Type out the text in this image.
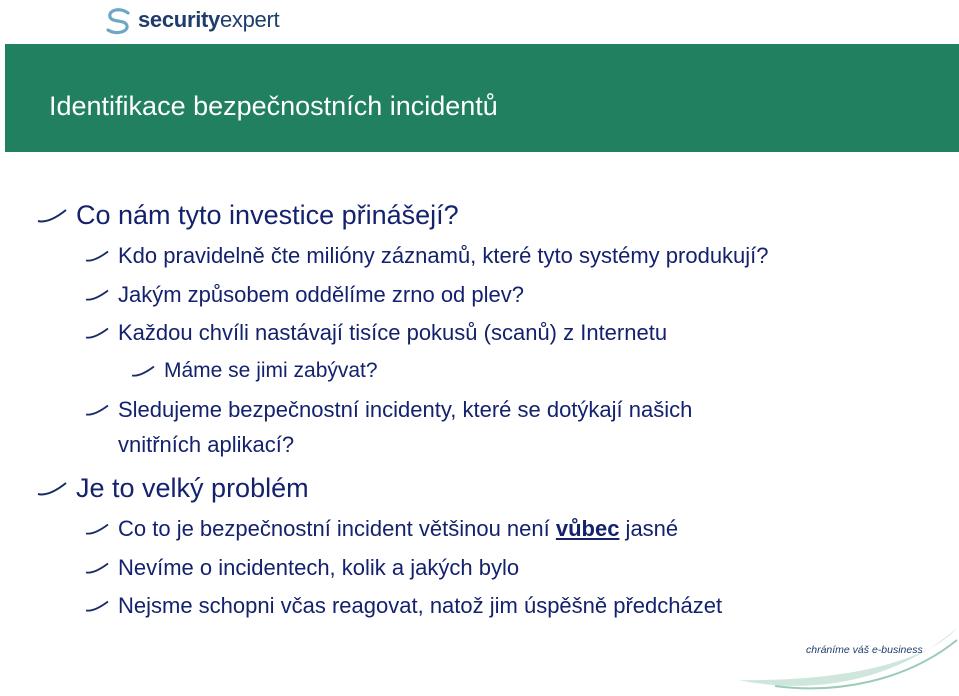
securityexpert
Identifikace bezpečnostních incidentů
Co nám tyto investice přinášejí?
Kdo pravidelně čte milióny záznamů, které tyto systémy produkují?
Jakým způsobem oddělíme zrno od plev?
Každou chvíli nastávají tisíce pokusů (scanů) z Internetu
Máme se jimi zabývat?
Sledujeme bezpečnostní incidenty, které se dotýkají našich
vnitřních aplikací?
Je to velký problém
Co to je bezpečnostní incident většinou není vůbec jasné
Nevíme o incidentech, kolik a jakých bylo
Nejsme schopni včas reagovat, natož jim úspěšně předcházet
chráníme váš e-business
